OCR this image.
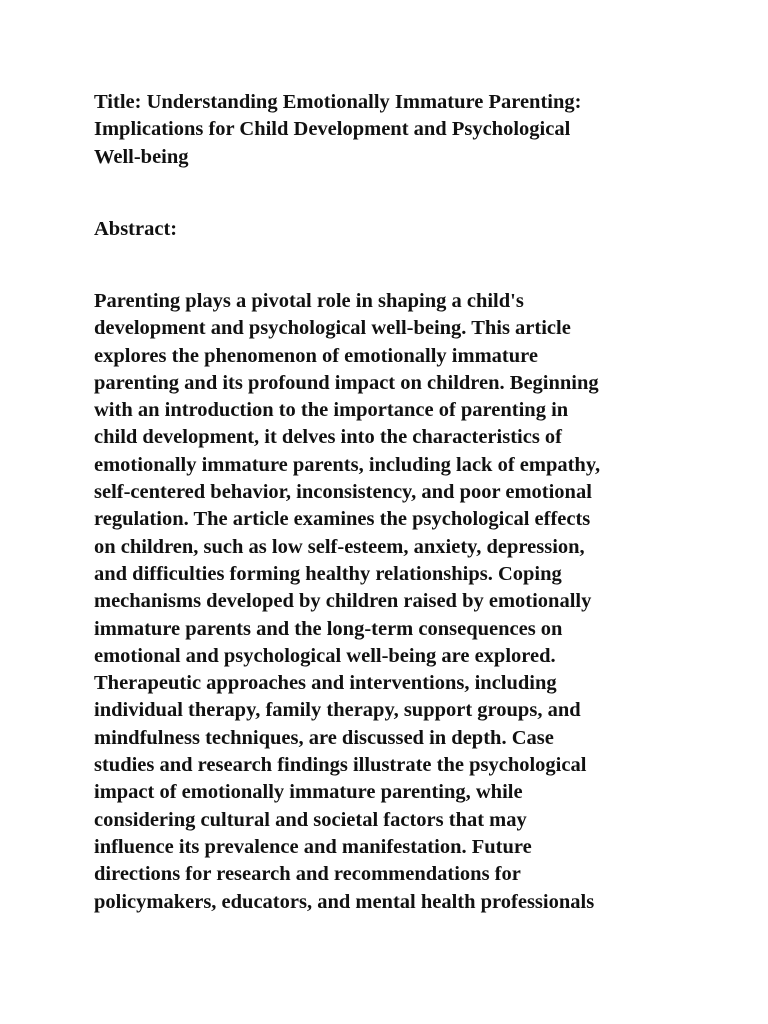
Title: Understanding Emotionally Immature Parenting:
Implications for Child Development and Psychological
Well-being

Abstract:

Parenting plays a pivotal role in shaping a child's
development and psychological well-being. This article
explores the phenomenon of emotionally immature
parenting and its profound impact on children. Beginning
with an introduction to the importance of parenting in
child development, it delves into the characteristics of
emotionally immature parents, including lack of empathy,
self-centered behavior, inconsistency, and poor emotional
regulation. The article examines the psychological effects
on children, such as low self-esteem, anxiety, depression,
and difficulties forming healthy relationships. Coping
mechanisms developed by children raised by emotionally
immature parents and the long-term consequences on
emotional and psychological well-being are explored.
Therapeutic approaches and interventions, including
individual therapy, family therapy, support groups, and
mindfulness techniques, are discussed in depth. Case
studies and research findings illustrate the psychological
impact of emotionally immature parenting, while
considering cultural and societal factors that may
influence its prevalence and manifestation. Future
directions for research and recommendations for
policymakers, educators, and mental health professionals
